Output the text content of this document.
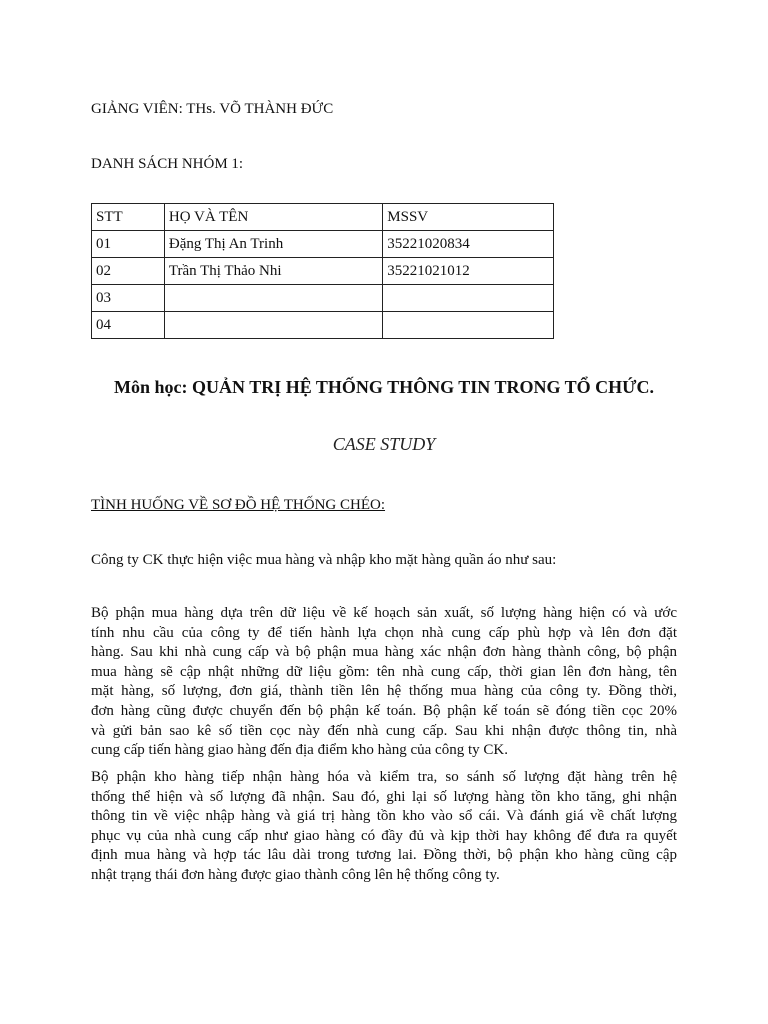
GIẢNG VIÊN: THs. VÕ THÀNH ĐỨC
DANH SÁCH NHÓM 1:
STT	HỌ VÀ TÊN	MSSV
01	Đặng Thị An Trinh	35221020834
02	Trần Thị Thảo Nhi	35221021012
03		
04		
Môn học: QUẢN TRỊ HỆ THỐNG THÔNG TIN TRONG TỔ CHỨC.
CASE STUDY
TÌNH HUỐNG VỀ SƠ ĐỒ HỆ THỐNG CHÉO:
Công ty CK thực hiện việc mua hàng và nhập kho mặt hàng quần áo như sau:
Bộ phận mua hàng dựa trên dữ liệu về kế hoạch sản xuất, số lượng hàng hiện có và ước
tính nhu cầu của công ty để tiến hành lựa chọn nhà cung cấp phù hợp và lên đơn đặt
hàng. Sau khi nhà cung cấp và bộ phận mua hàng xác nhận đơn hàng thành công, bộ phận
mua hàng sẽ cập nhật những dữ liệu gồm: tên nhà cung cấp, thời gian lên đơn hàng, tên
mặt hàng, số lượng, đơn giá, thành tiền lên hệ thống mua hàng của công ty. Đồng thời,
đơn hàng cũng được chuyển đến bộ phận kế toán. Bộ phận kế toán sẽ đóng tiền cọc 20%
và gửi bản sao kê số tiền cọc này đến nhà cung cấp. Sau khi nhận được thông tin, nhà
cung cấp tiến hàng giao hàng đến địa điểm kho hàng của công ty CK.
Bộ phận kho hàng tiếp nhận hàng hóa và kiểm tra, so sánh số lượng đặt hàng trên hệ
thống thể hiện và số lượng đã nhận. Sau đó, ghi lại số lượng hàng tồn kho tăng, ghi nhận
thông tin về việc nhập hàng và giá trị hàng tồn kho vào sổ cái. Và đánh giá về chất lượng
phục vụ của nhà cung cấp như giao hàng có đầy đủ và kịp thời hay không để đưa ra quyết
định mua hàng và hợp tác lâu dài trong tương lai. Đồng thời, bộ phận kho hàng cũng cập
nhật trạng thái đơn hàng được giao thành công lên hệ thống công ty.
